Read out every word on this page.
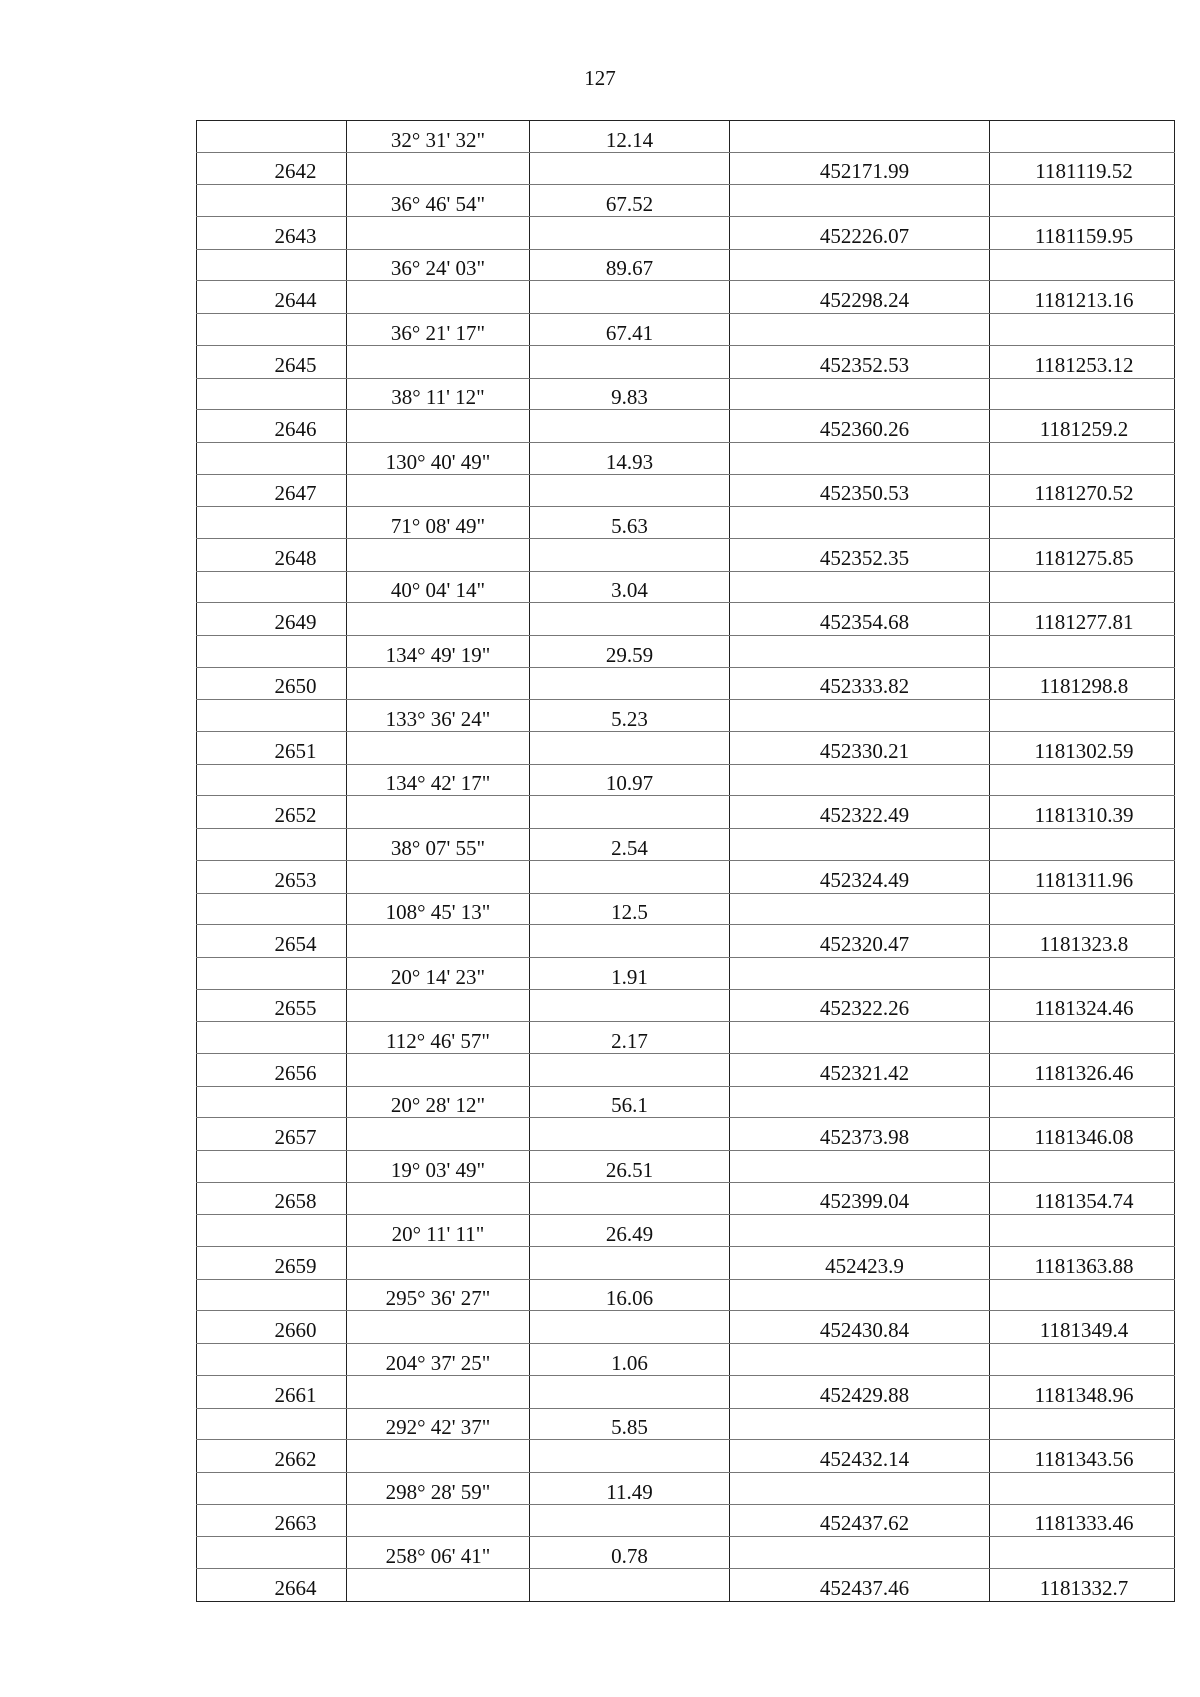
127
	32° 31' 32"	12.14		
2642			452171.99	1181119.52
	36° 46' 54"	67.52		
2643			452226.07	1181159.95
	36° 24' 03"	89.67		
2644			452298.24	1181213.16
	36° 21' 17"	67.41		
2645			452352.53	1181253.12
	38° 11' 12"	9.83		
2646			452360.26	1181259.2
	130° 40' 49"	14.93		
2647			452350.53	1181270.52
	71° 08' 49"	5.63		
2648			452352.35	1181275.85
	40° 04' 14"	3.04		
2649			452354.68	1181277.81
	134° 49' 19"	29.59		
2650			452333.82	1181298.8
	133° 36' 24"	5.23		
2651			452330.21	1181302.59
	134° 42' 17"	10.97		
2652			452322.49	1181310.39
	38° 07' 55"	2.54		
2653			452324.49	1181311.96
	108° 45' 13"	12.5		
2654			452320.47	1181323.8
	20° 14' 23"	1.91		
2655			452322.26	1181324.46
	112° 46' 57"	2.17		
2656			452321.42	1181326.46
	20° 28' 12"	56.1		
2657			452373.98	1181346.08
	19° 03' 49"	26.51		
2658			452399.04	1181354.74
	20° 11' 11"	26.49		
2659			452423.9	1181363.88
	295° 36' 27"	16.06		
2660			452430.84	1181349.4
	204° 37' 25"	1.06		
2661			452429.88	1181348.96
	292° 42' 37"	5.85		
2662			452432.14	1181343.56
	298° 28' 59"	11.49		
2663			452437.62	1181333.46
	258° 06' 41"	0.78		
2664			452437.46	1181332.7
